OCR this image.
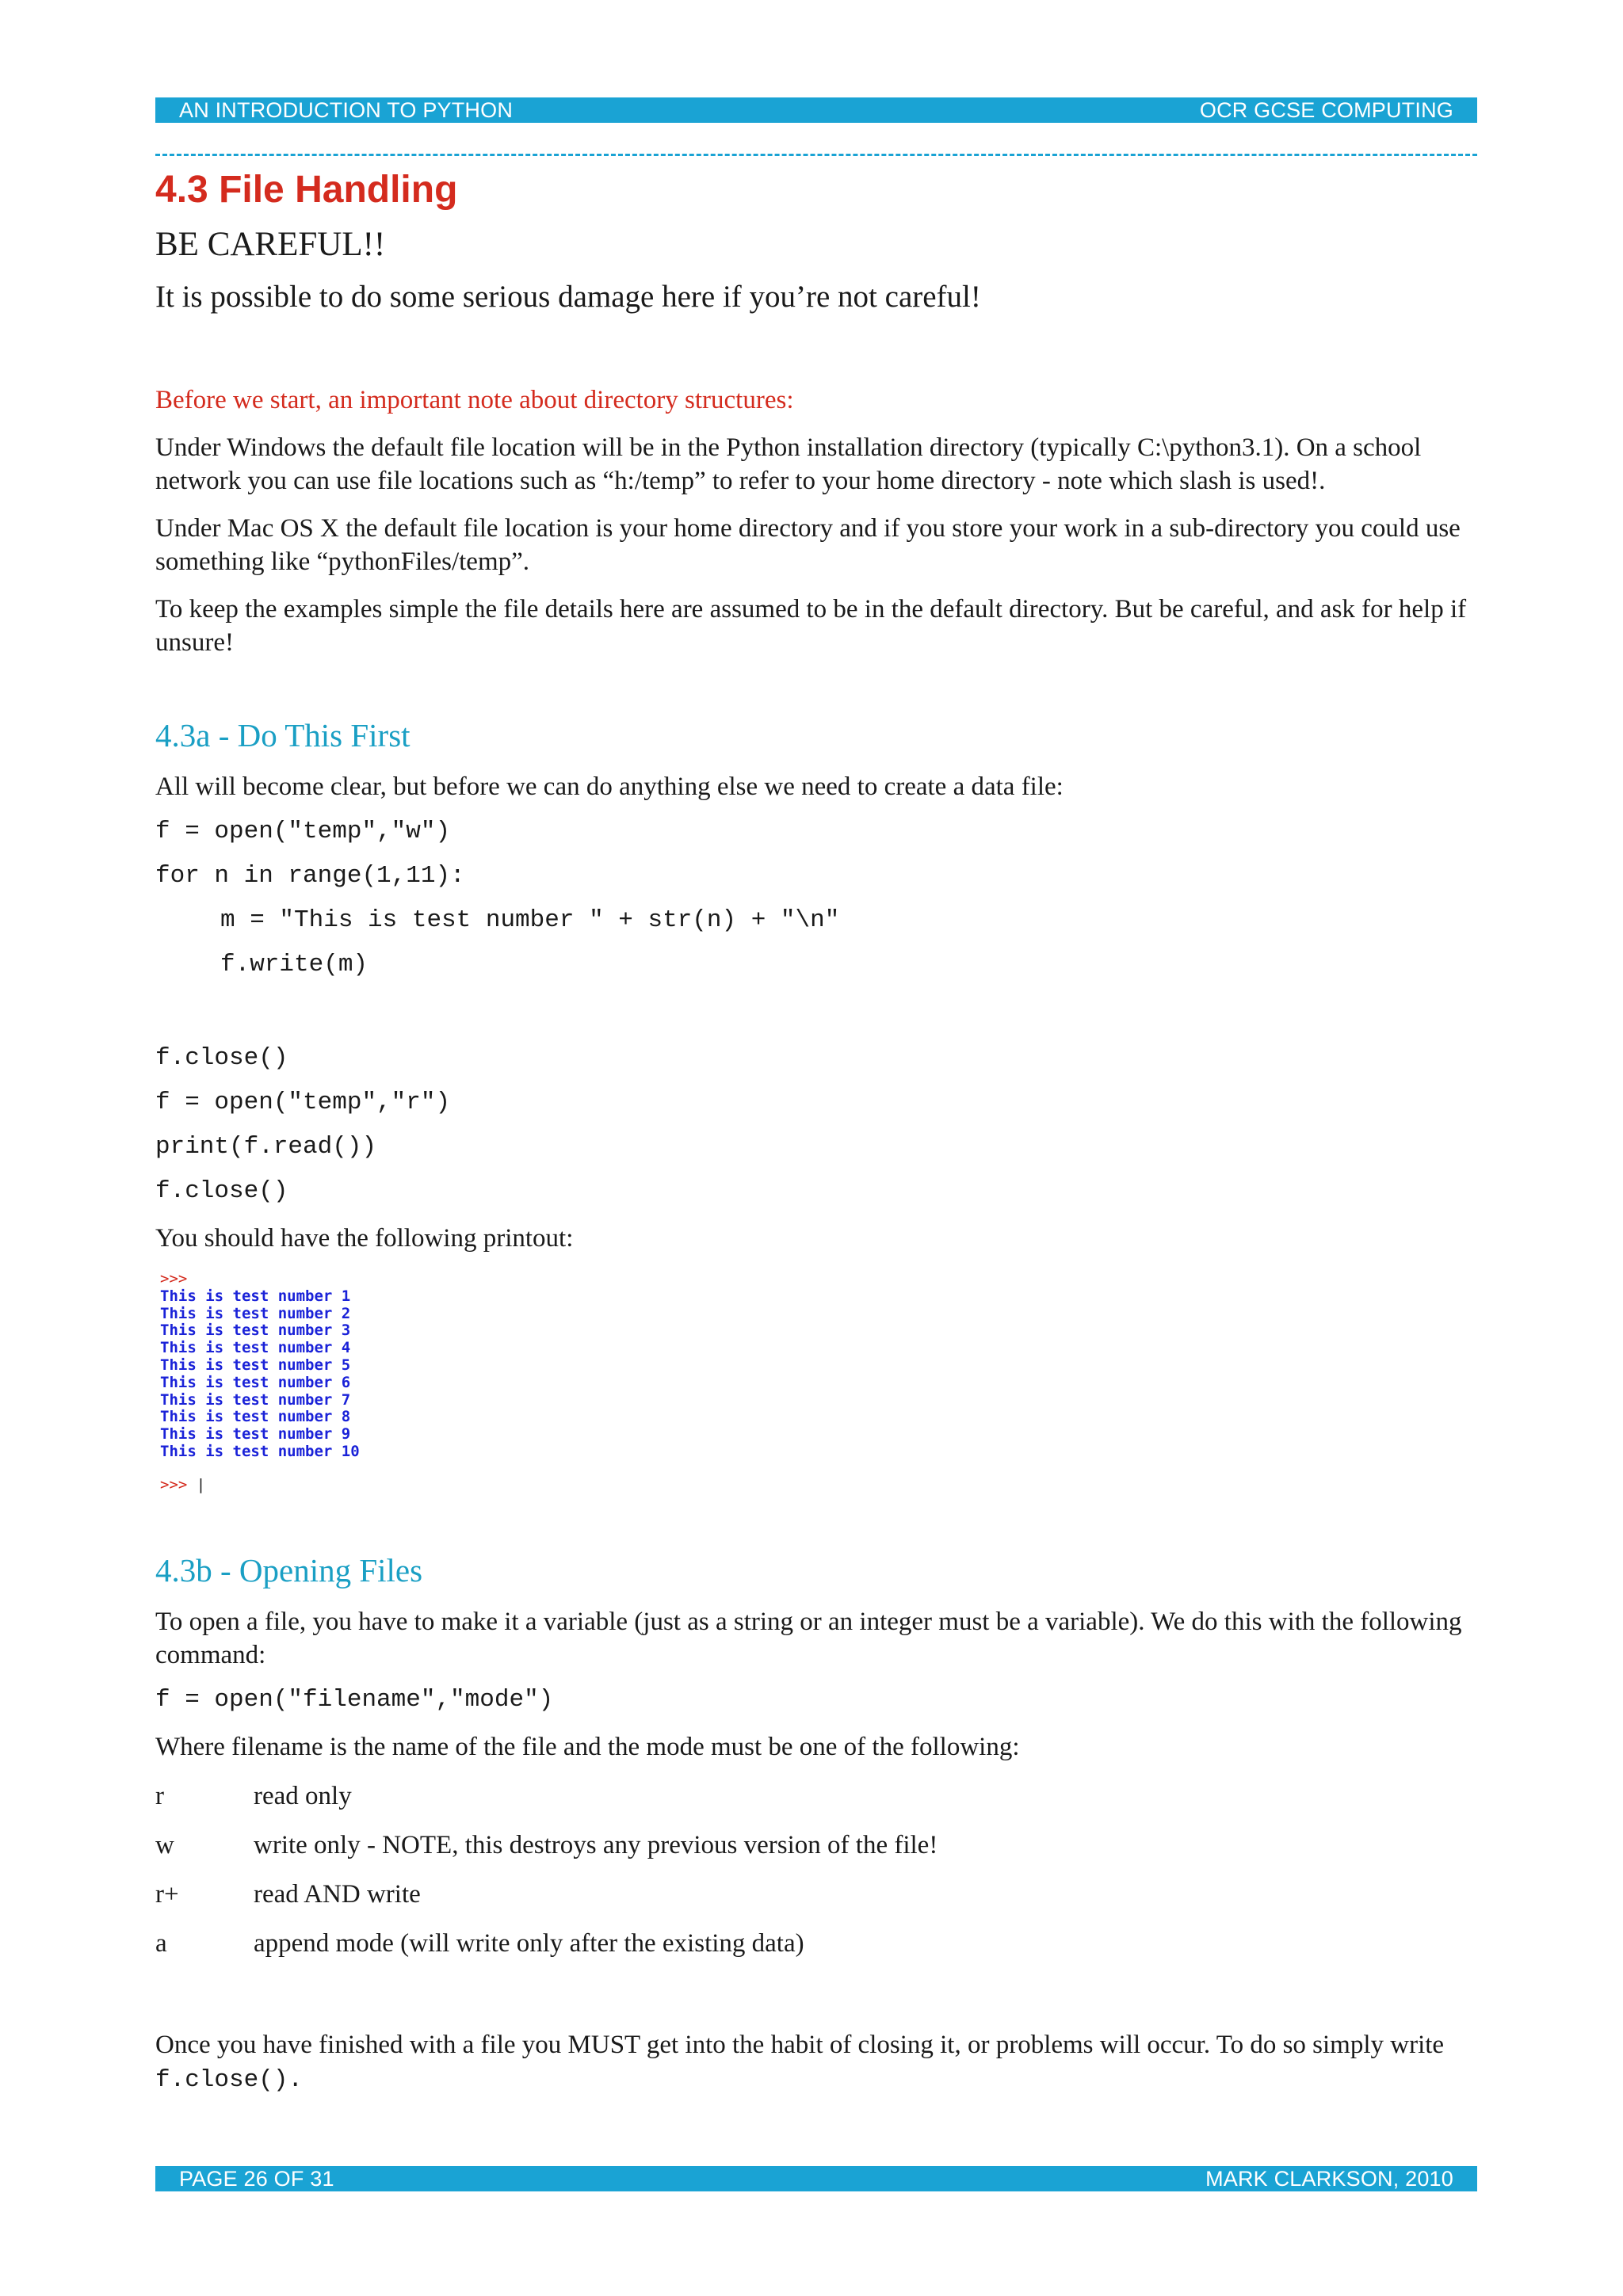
AN INTRODUCTION TO PYTHON	OCR GCSE COMPUTING
4.3 File Handling
BE CAREFUL!!
It is possible to do some serious damage here if you’re not careful!
Before we start, an important note about directory structures:

Under Windows the default file location will be in the Python installation directory (typically C:\python3.1). On a school network you can use file locations such as “h:/temp” to refer to your home directory - note which slash is used!.

Under Mac OS X the default file location is your home directory and if you store your work in a sub-directory you could use something like “pythonFiles/temp”.

To keep the examples simple the file details here are assumed to be in the default directory. But be careful, and ask for help if unsure!

4.3a - Do This First

All will become clear, but before we can do anything else we need to create a data file:

f = open("temp","w")
for n in range(1,11):
m = "This is test number " + str(n) + "\n"
f.write(m)
f.close()
f = open("temp","r")
print(f.read())
f.close()

You should have the following printout:

>>>
This is test number 1
This is test number 2
This is test number 3
This is test number 4
This is test number 5
This is test number 6
This is test number 7
This is test number 8
This is test number 9
This is test number 10
>>> |
4.3b - Opening Files

To open a file, you have to make it a variable (just as a string or an integer must be a variable). We do this with the following command:

f = open("filename","mode")

Where filename is the name of the file and the mode must be one of the following:

r	read only
w	write only - NOTE, this destroys any previous version of the file!
r+	read AND write
a	append mode (will write only after the existing data)

Once you have finished with a file you MUST get into the habit of closing it, or problems will occur. To do so simply write f.close().

PAGE 26 OF 31	MARK CLARKSON, 2010
